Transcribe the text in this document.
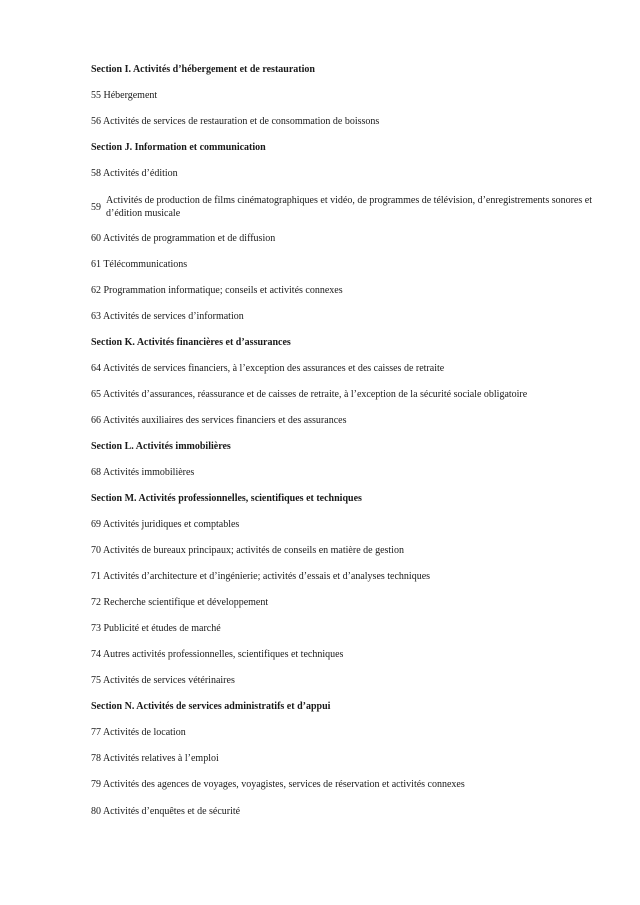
Section I. Activités d’hébergement et de restauration
55 Hébergement
56 Activités de services de restauration et de consommation de boissons
Section J. Information et communication
58 Activités d’édition
59
Activités de production de films cinématographiques et vidéo, de programmes de télévision, d’enregistrements sonores et d’édition musicale
60 Activités de programmation et de diffusion
61 Télécommunications
62 Programmation informatique; conseils et activités connexes
63 Activités de services d’information
Section K. Activités financières et d’assurances
64 Activités de services financiers, à l’exception des assurances et des caisses de retraite
65 Activités d’assurances, réassurance et de caisses de retraite, à l’exception de la sécurité sociale obligatoire
66 Activités auxiliaires des services financiers et des assurances
Section L. Activités immobilières
68 Activités immobilières
Section M. Activités professionnelles, scientifiques et techniques
69 Activités juridiques et comptables
70 Activités de bureaux principaux; activités de conseils en matière de gestion
71 Activités d’architecture et d’ingénierie; activités d’essais et d’analyses techniques
72 Recherche scientifique et développement
73 Publicité et études de marché
74 Autres activités professionnelles, scientifiques et techniques
75 Activités de services vétérinaires
Section N. Activités de services administratifs et d’appui
77 Activités de location
78 Activités relatives à l’emploi
79 Activités des agences de voyages, voyagistes, services de réservation et activités connexes
80 Activités d’enquêtes et de sécurité
